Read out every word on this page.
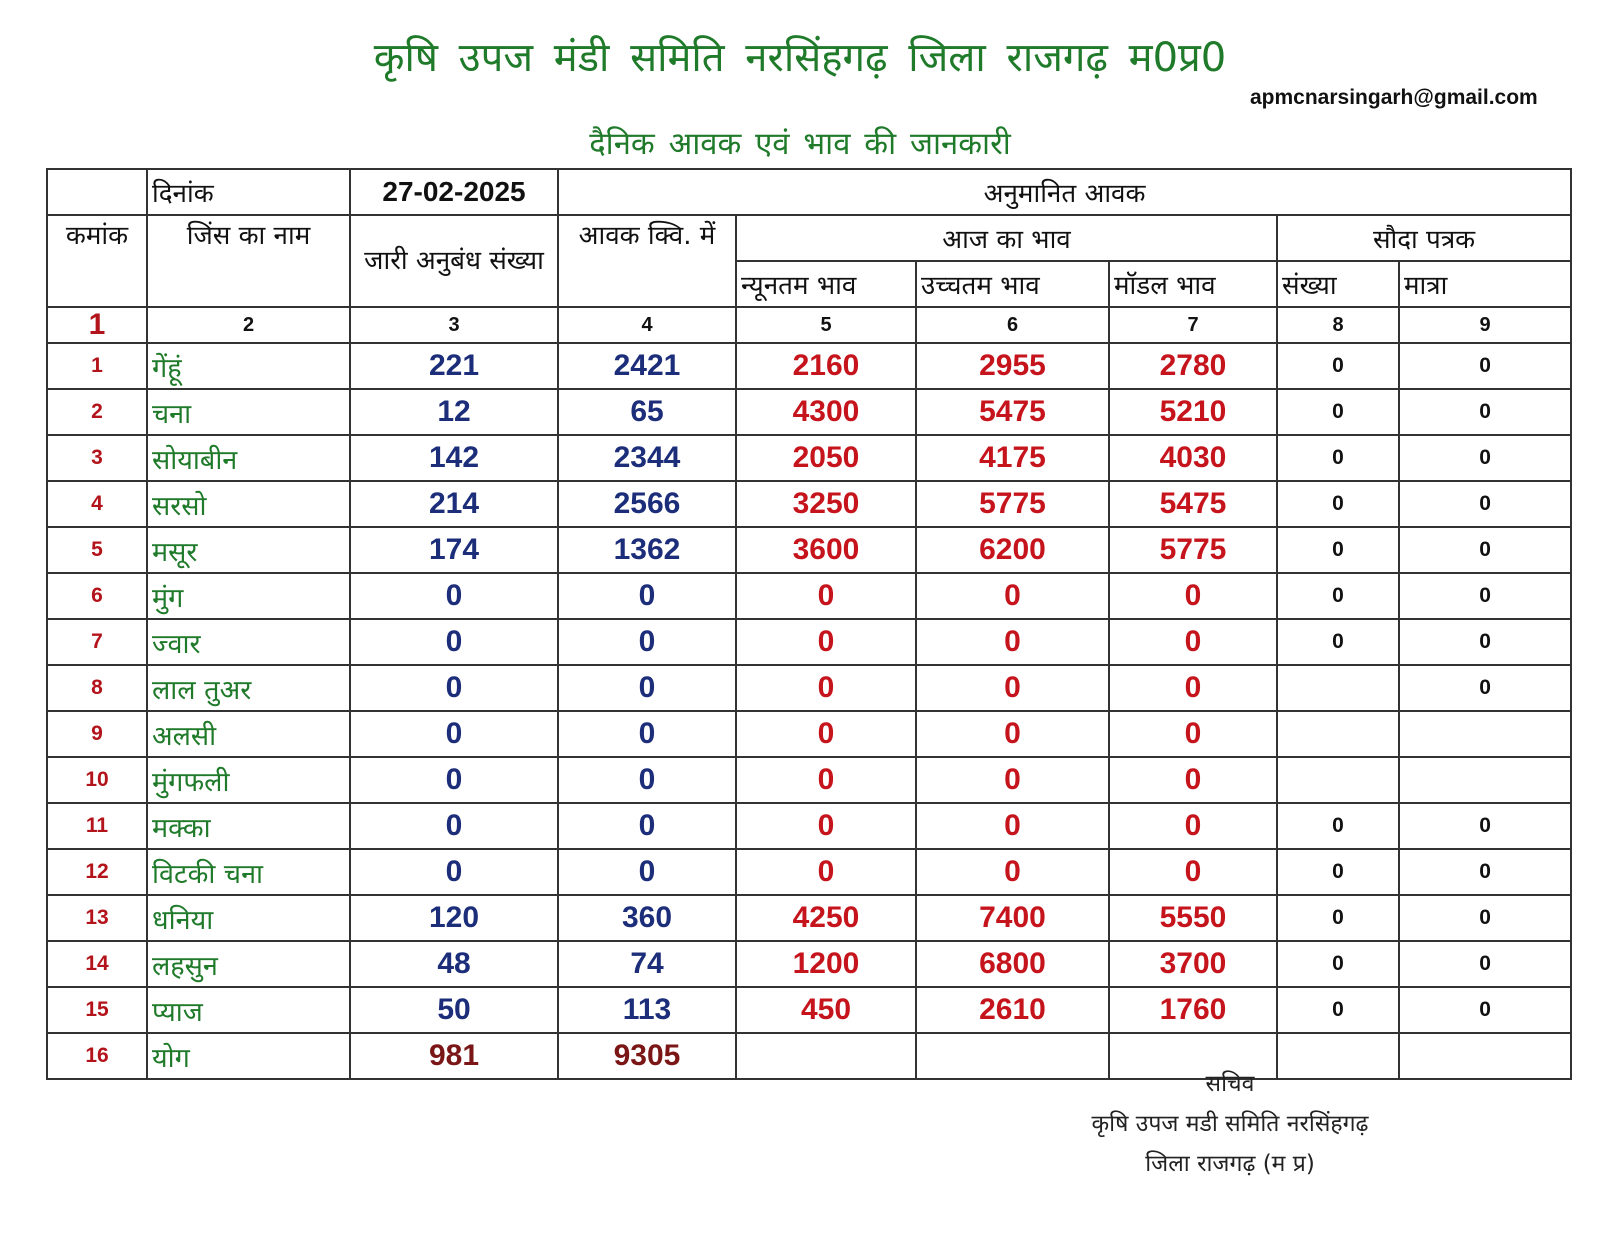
कृषि उपज मंडी समिति नरसिंहगढ़ जिला राजगढ़ म0प्र0
apmcnarsingarh@gmail.com
दैनिक आवक एवं भाव की जानकारी
	दिनांक	27-02-2025	अनुमानित आवक					
कमांक	जिंस का नाम	जारी अनुबंध संख्या	आवक क्वि. में	आज का भाव			सौदा पत्रक	
				न्यूनतम भाव	उच्चतम भाव	मॉडल भाव	संख्या	मात्रा
1	2	3	4	5	6	7	8	9
1	गेंहूं	221	2421	2160	2955	2780	0	0
2	चना	12	65	4300	5475	5210	0	0
3	सोयाबीन	142	2344	2050	4175	4030	0	0
4	सरसो	214	2566	3250	5775	5475	0	0
5	मसूर	174	1362	3600	6200	5775	0	0
6	मुंग	0	0	0	0	0	0	0
7	ज्वार	0	0	0	0	0	0	0
8	लाल तुअर	0	0	0	0	0		0
9	अलसी	0	0	0	0	0		
10	मुंगफली	0	0	0	0	0		
11	मक्का	0	0	0	0	0	0	0
12	विटकी चना	0	0	0	0	0	0	0
13	धनिया	120	360	4250	7400	5550	0	0
14	लहसुन	48	74	1200	6800	3700	0	0
15	प्याज	50	113	450	2610	1760	0	0
16	योग	981	9305					
सचिव
कृषि उपज मडी समिति नरसिंहगढ़
जिला राजगढ़ (म प्र)
